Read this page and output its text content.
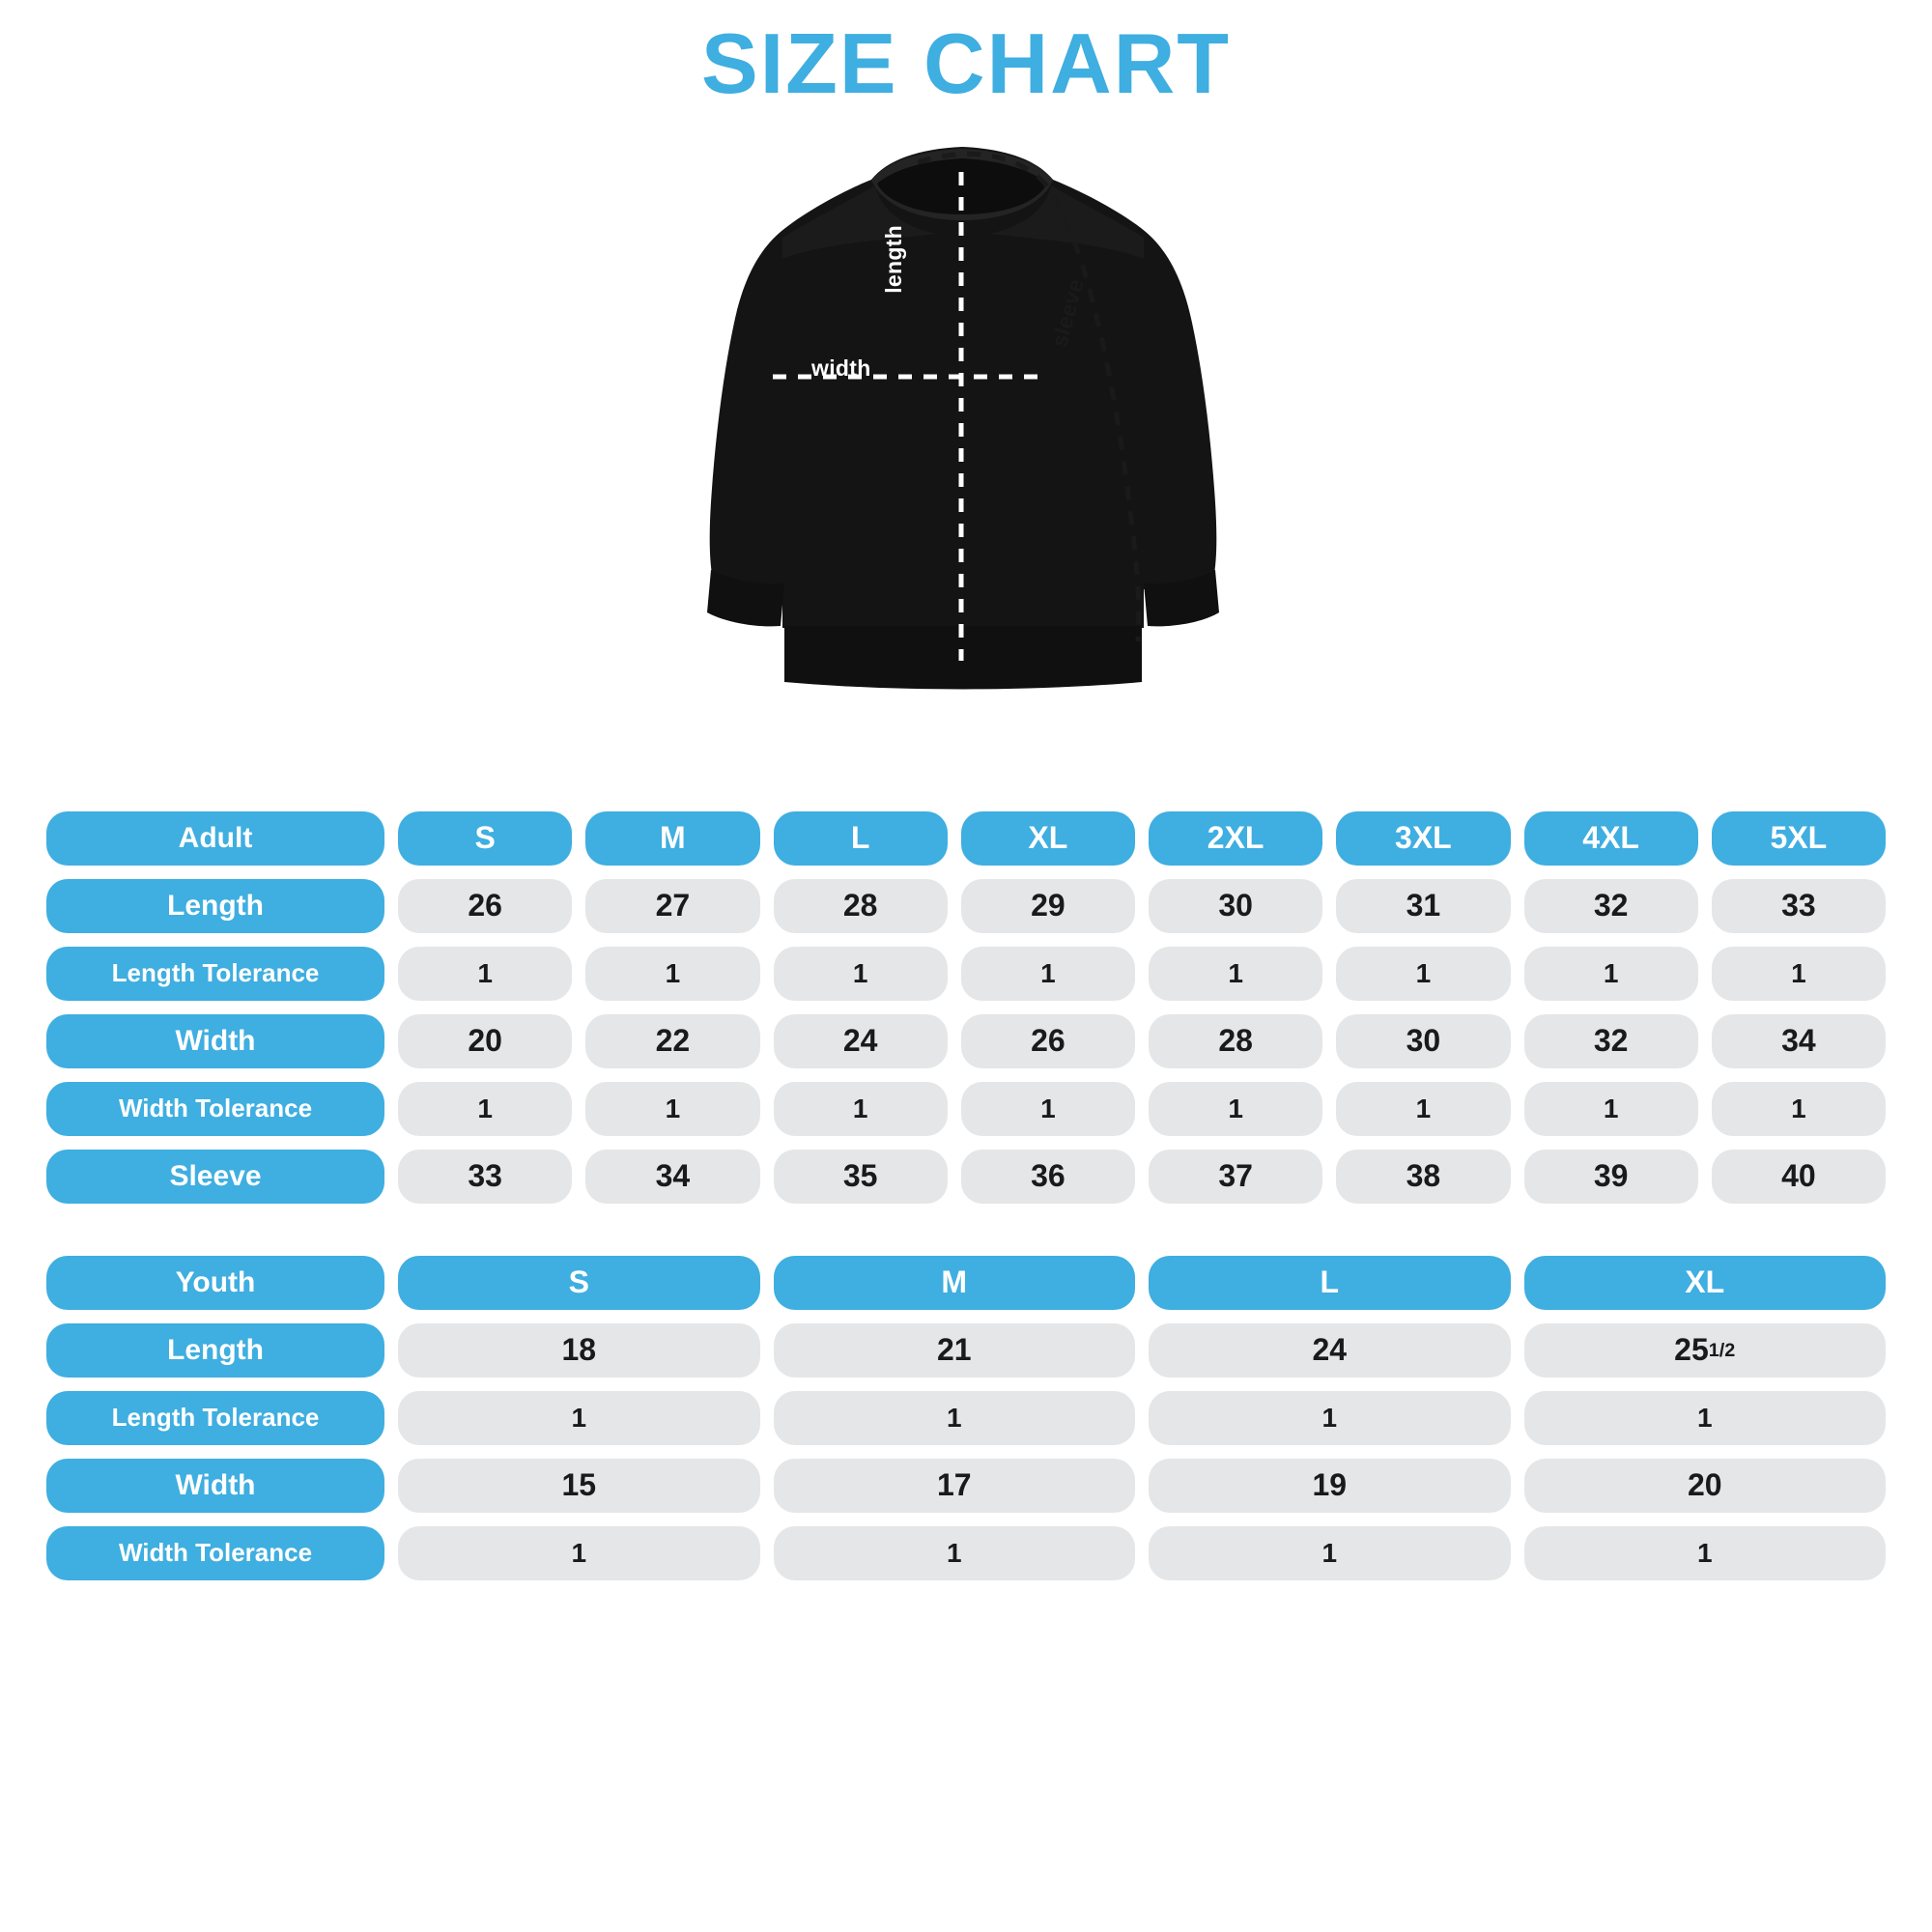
SIZE CHART
width
length
sleeve
Adult	S	M	L	XL	2XL	3XL	4XL	5XL
Length	26	27	28	29	30	31	32	33
Length Tolerance	1	1	1	1	1	1	1	1
Width	20	22	24	26	28	30	32	34
Width Tolerance	1	1	1	1	1	1	1	1
Sleeve	33	34	35	36	37	38	39	40
Youth	S	M	L	XL
Length	18	21	24	25 1/2
Length Tolerance	1	1	1	1
Width	15	17	19	20
Width Tolerance	1	1	1	1
